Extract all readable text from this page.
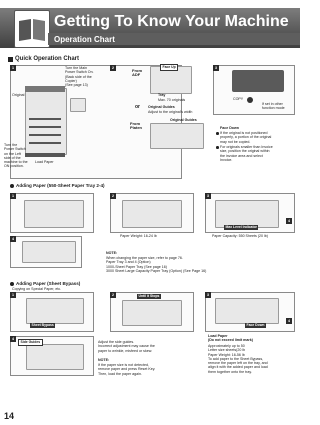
Getting To Know Your Machine
Operation Chart
Quick Operation Chart
1	Turn the Main
Power Switch On.
(Back side of the
Copier)
(See page 13)
Original
Turn the
Power Switch
on the Left
side of the
machine to the
ON position.
Load Paper
2	From
ADF
Face Up
Tray
Max. 70 originals
or Original Guides
Adjust to the original's width
From
Platen
Original Guides
Face Down
If the original is not positioned
properly, a portion of the original
may not be copied.
For originals smaller than Invoice
size, position the original within
the invoice area and select
Invoice.
3
COPY
If set in other
function mode
Adding Paper (550-Sheet Paper Tray 2-4)
1	2	3
Max Level Indicator
4
4
Paper Weight: 16-24 lb	Paper Capacity: 550 Sheets (20 lb)
NOTE:
When changing the paper size, refer to page 76.
Paper Tray 3 and 4 (Option)
1000-Sheet Paper Tray (See page 16)
3000 Sheet Large Capacity Paper Tray (Option) (See Page 16)
Adding Paper (Sheet Bypass)
Copying on Special Paper, etc.
1
Sheet Bypass
2	Until it Stops	3
Face Down
4
4
Side Guides	Adjust the side guides.
Incorrect adjustment may cause the
paper to wrinkle, misfeed or skew.
NOTE:
If the paper size is not detected,
remove paper and press Reset Key.
Then, load the paper again.
Load Paper
(Do not exceed limit mark)
Approximately up to 50
Letter size sheets(20 lb
Paper Weight: 16-56 lb
To add paper to the Sheet Bypass,
remove the paper left on the tray, and
align it with the added paper and load
them together onto the tray.
14
